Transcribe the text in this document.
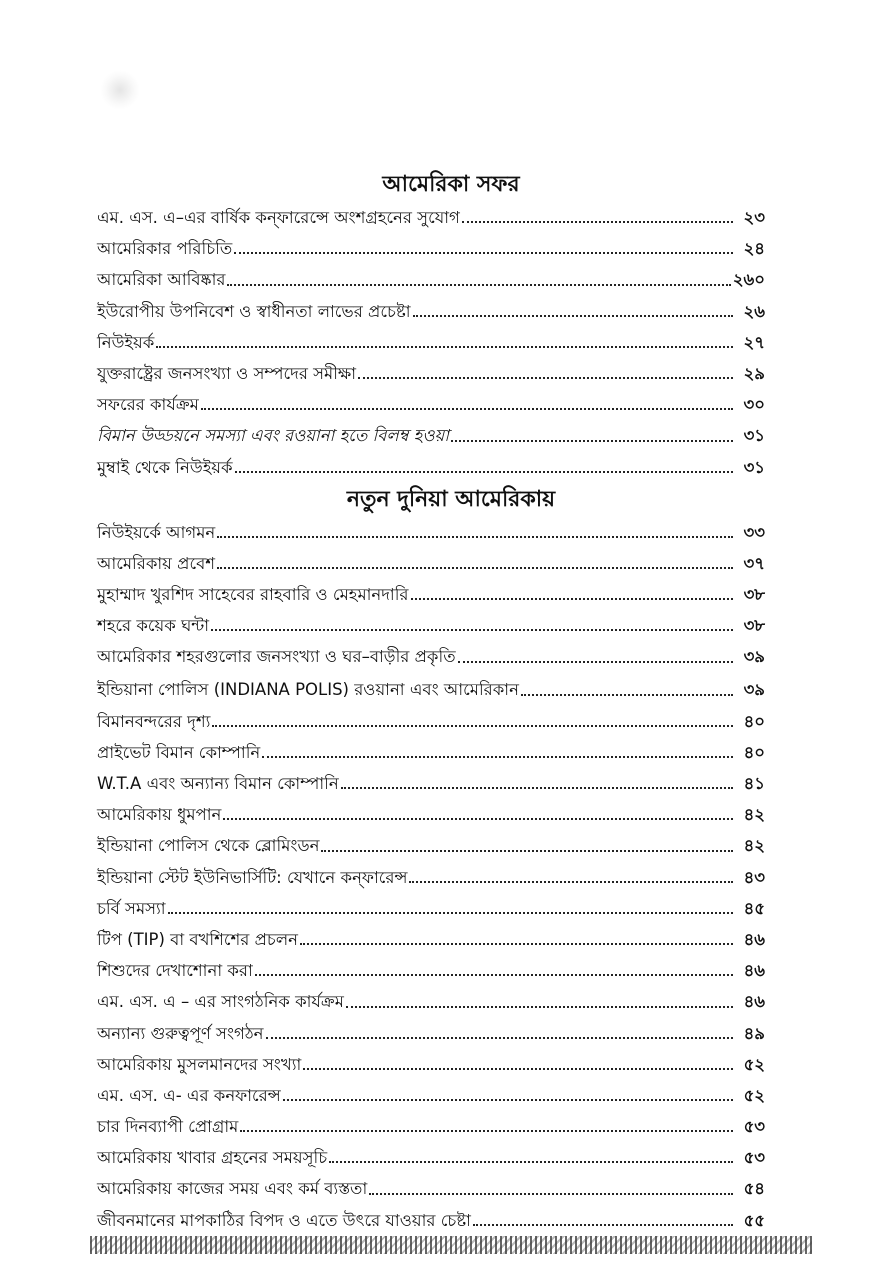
আমেরিকা সফর
এম. এস. এ–এর বার্ষিক কন্ফারেন্সে অংশগ্রহনের সুযোগ	২৩
আমেরিকার পরিচিতি	২৪
আমেরিকা আবিষ্কার	২৬০
ইউরোপীয় উপনিবেশ ও স্বাধীনতা লাভের প্রচেষ্টা	২৬
নিউইয়র্ক	২৭
যুক্তরাষ্ট্রের জনসংখ্যা ও সম্পদের সমীক্ষা	২৯
সফরের কার্যক্রম	৩০
বিমান উড্ডয়নে সমস্যা এবং রওয়ানা হতে বিলম্ব হওয়া	৩১
মুম্বাই থেকে নিউইয়র্ক	৩১
নতুন দুনিয়া আমেরিকায়
নিউইয়র্কে আগমন	৩৩
আমেরিকায় প্রবেশ	৩৭
মুহাম্মাদ খুরশিদ সাহেবের রাহবারি ও মেহমানদারি	৩৮
শহরে কয়েক ঘন্টা	৩৮
আমেরিকার শহরগুলোর জনসংখ্যা ও ঘর–বাড়ীর প্রকৃতি	৩৯
ইন্ডিয়ানা পোলিস (INDIANA POLIS) রওয়ানা এবং আমেরিকান	৩৯
বিমানবন্দরের দৃশ্য	৪০
প্রাইভেট বিমান কোম্পানি	৪০
W.T.A এবং অন্যান্য বিমান কোম্পানি	৪১
আমেরিকায় ধুমপান	৪২
ইন্ডিয়ানা পোলিস থেকে ব্লোমিংডন	৪২
ইন্ডিয়ানা স্টেট ইউনিভার্সিটি: যেখানে কন্ফারেন্স	৪৩
চর্বি সমস্যা	৪৫
টিপ (TIP) বা বখশিশের প্রচলন	৪৬
শিশুদের দেখাশোনা করা	৪৬
এম. এস. এ – এর সাংগঠনিক কার্যক্রম	৪৬
অন্যান্য গুরুত্বপূর্ণ সংগঠন	৪৯
আমেরিকায় মুসলমানদের সংখ্যা	৫২
এম. এস. এ- এর কনফারেন্স	৫২
চার দিনব্যাপী প্রোগ্রাম	৫৩
আমেরিকায় খাবার গ্রহনের সময়সূচি	৫৩
আমেরিকায় কাজের সময় এবং কর্ম ব্যস্ততা	৫৪
জীবনমানের মাপকাঠির বিপদ ও এতে উৎরে যাওয়ার চেষ্টা	৫৫
